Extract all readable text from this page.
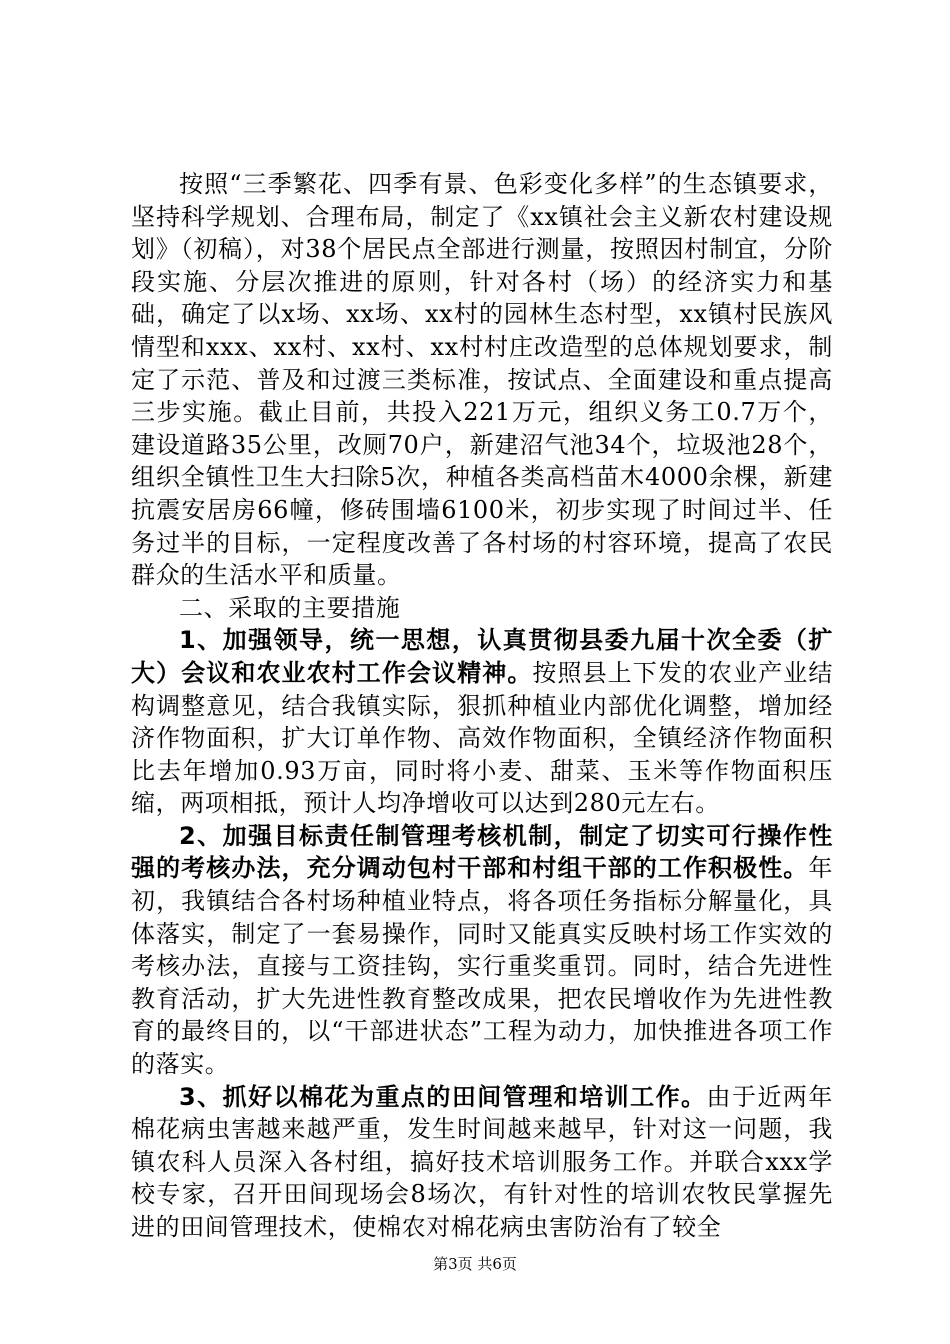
按照“三季繁花、四季有景、色彩变化多样”的生态镇要求，坚持科学规划、合理布局，制定了《xx镇社会主义新农村建设规划》（初稿），对38个居民点全部进行测量，按照因村制宜，分阶段实施、分层次推进的原则，针对各村（场）的经济实力和基础，确定了以x场、xx场、xx村的园林生态村型，xx镇村民族风情型和xxx、xx村、xx村、xx村村庄改造型的总体规划要求，制定了示范、普及和过渡三类标准，按试点、全面建设和重点提高三步实施。截止目前，共投入221万元，组织义务工0.7万个，建设道路35公里，改厕70户，新建沼气池34个，垃圾池28个，组织全镇性卫生大扫除5次，种植各类高档苗木4000余棵，新建抗震安居房66幢，修砖围墙6100米，初步实现了时间过半、任务过半的目标，一定程度改善了各村场的村容环境，提高了农民群众的生活水平和质量。

二、采取的主要措施

1、加强领导，统一思想，认真贯彻县委九届十次全委（扩大）会议和农业农村工作会议精神。按照县上下发的农业产业结构调整意见，结合我镇实际，狠抓种植业内部优化调整，增加经济作物面积，扩大订单作物、高效作物面积，全镇经济作物面积比去年增加0.93万亩，同时将小麦、甜菜、玉米等作物面积压缩，两项相抵，预计人均净增收可以达到280元左右。

2、加强目标责任制管理考核机制，制定了切实可行操作性强的考核办法，充分调动包村干部和村组干部的工作积极性。年初，我镇结合各村场种植业特点，将各项任务指标分解量化，具体落实，制定了一套易操作，同时又能真实反映村场工作实效的考核办法，直接与工资挂钩，实行重奖重罚。同时，结合先进性教育活动，扩大先进性教育整改成果，把农民增收作为先进性教育的最终目的，以“干部进状态”工程为动力，加快推进各项工作的落实。

3、抓好以棉花为重点的田间管理和培训工作。由于近两年棉花病虫害越来越严重，发生时间越来越早，针对这一问题，我镇农科人员深入各村组，搞好技术培训服务工作。并联合xxx学校专家，召开田间现场会8场次，有针对性的培训农牧民掌握先进的田间管理技术，使棉农对棉花病虫害防治有了较全

第3页 共6页
